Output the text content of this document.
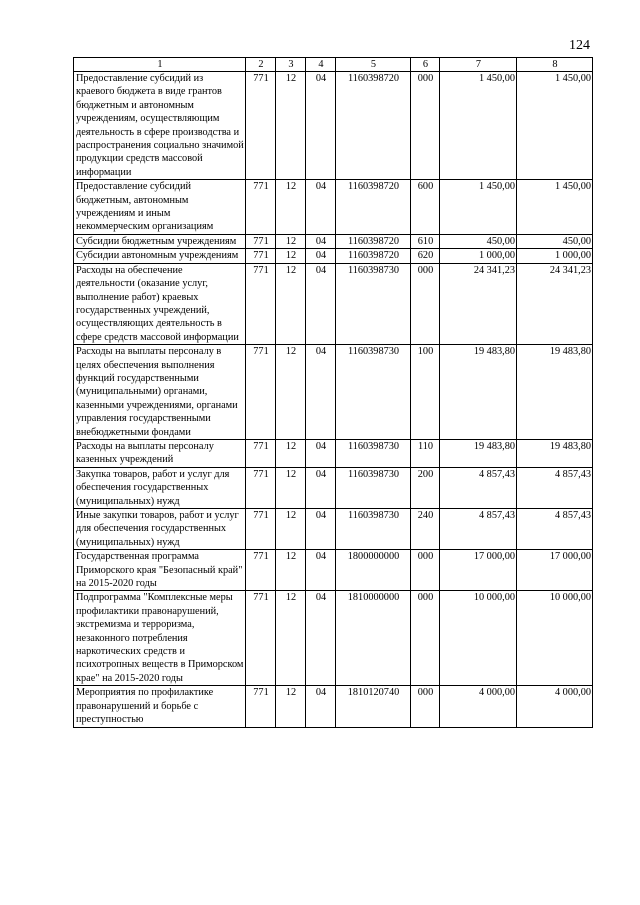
124
1	2	3	4	5	6	7	8
Предоставление субсидий из краевого бюджета в виде грантов бюджетным и автономным учреждениям, осуществляющим деятельность в сфере производства и распространения социально значимой продукции средств массовой информации	771	12	04	1160398720	000	1 450,00	1 450,00
Предоставление субсидий бюджетным, автономным учреждениям и иным некоммерческим организациям	771	12	04	1160398720	600	1 450,00	1 450,00
Субсидии бюджетным учреждениям	771	12	04	1160398720	610	450,00	450,00
Субсидии автономным учреждениям	771	12	04	1160398720	620	1 000,00	1 000,00
Расходы на обеспечение деятельности (оказание услуг, выполнение работ) краевых государственных учреждений, осуществляющих деятельность в сфере средств массовой информации	771	12	04	1160398730	000	24 341,23	24 341,23
Расходы на выплаты персоналу в целях обеспечения выполнения функций государственными (муниципальными) органами, казенными учреждениями, органами управления государственными внебюджетными фондами	771	12	04	1160398730	100	19 483,80	19 483,80
Расходы на выплаты персоналу казенных учреждений	771	12	04	1160398730	110	19 483,80	19 483,80
Закупка товаров, работ и услуг для обеспечения государственных (муниципальных) нужд	771	12	04	1160398730	200	4 857,43	4 857,43
Иные закупки товаров, работ и услуг для обеспечения государственных (муниципальных) нужд	771	12	04	1160398730	240	4 857,43	4 857,43
Государственная программа Приморского края "Безопасный край" на 2015-2020 годы	771	12	04	1800000000	000	17 000,00	17 000,00
Подпрограмма "Комплексные меры профилактики правонарушений, экстремизма и терроризма, незаконного потребления наркотических средств и психотропных веществ в Приморском крае" на 2015-2020 годы	771	12	04	1810000000	000	10 000,00	10 000,00
Мероприятия по профилактике правонарушений и борьбе с преступностью	771	12	04	1810120740	000	4 000,00	4 000,00
